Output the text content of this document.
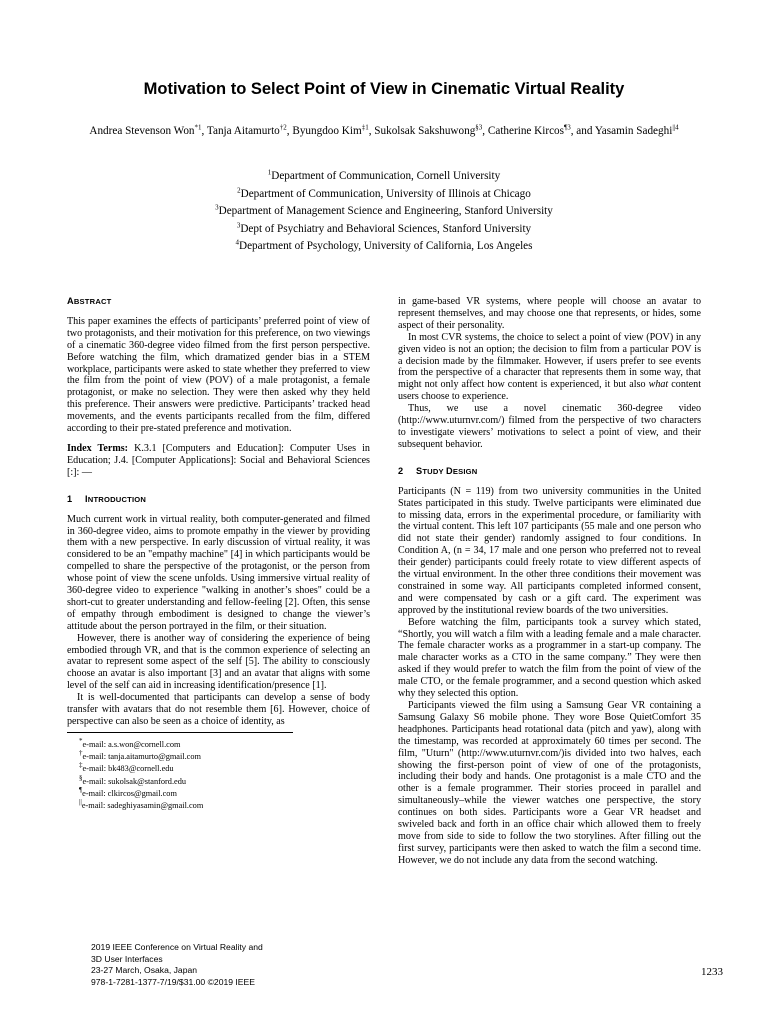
Motivation to Select Point of View in Cinematic Virtual Reality
Andrea Stevenson Won$^{*1}$, Tanja Aitamurto$^{\dagger 2}$, Byungdoo Kim$^{\ddagger 1}$, Sukolsak Sakshuwong$^{\S 3}$, Catherine Kircos$^{\P 3}$, and Yasamin Sadeghi$^{||4}$
$^1$Department of Communication, Cornell University
$^2$Department of Communication, University of Illinois at Chicago
$^3$Department of Management Science and Engineering, Stanford University
$^3$Dept of Psychiatry and Behavioral Sciences, Stanford University
$^4$Department of Psychology, University of California, Los Angeles
ABSTRACT

This paper examines the effects of participants’ preferred point of view of two protagonists, and their motivation for this preference, on two viewings of a cinematic 360-degree video filmed from the first person perspective. Before watching the film, which dramatized gender bias in a STEM workplace, participants were asked to state whether they preferred to view the film from the point of view (POV) of a male protagonist, a female protagonist, or make no selection. They were then asked why they held this preference. Their answers were predictive. Participants’ tracked head movements, and the events participants recalled from the film, differed according to their pre-stated preference and motivation.

Index Terms: K.3.1 [Computers and Education]: Computer Uses in Education; J.4. [Computer Applications]: Social and Behavioral Sciences [:]: —

1 INTRODUCTION

Much current work in virtual reality, both computer-generated and filmed in 360-degree video, aims to promote empathy in the viewer by providing them with a new perspective. In early discussion of virtual reality, it was considered to be an "empathy machine" [4] in which participants would be compelled to share the perspective of the protagonist, or the person from whose point of view the scene unfolds. Using immersive virtual reality of 360-degree video to experience "walking in another’s shoes" could be a short-cut to greater understanding and fellow-feeling [2]. Often, this sense of empathy through embodiment is designed to change the viewer’s attitude about the person portrayed in the film, or their situation.

However, there is another way of considering the experience of being embodied through VR, and that is the common experience of selecting an avatar to represent some aspect of the self [5]. The ability to consciously choose an avatar is also important [3] and an avatar that aligns with some level of the self can aid in increasing identification/presence [1].

It is well-documented that participants can develop a sense of body transfer with avatars that do not resemble them [6]. However, choice of perspective can also be seen as a choice of identity, as

*e-mail: a.s.won@cornell.com
†e-mail: tanja.aitamurto@gmail.com
‡e-mail: bk483@cornell.edu
§e-mail: sukolsak@stanford.edu
¶e-mail: clkircos@gmail.com
||e-mail: sadeghiyasamin@gmail.com

in game-based VR systems, where people will choose an avatar to represent themselves, and may choose one that represents, or hides, some aspect of their personality.

In most CVR systems, the choice to select a point of view (POV) in any given video is not an option; the decision to film from a particular POV is a decision made by the filmmaker. However, if users prefer to see events from the perspective of a character that represents them in some way, that might not only affect how content is experienced, it but also what content users choose to experience.

Thus, we use a novel cinematic 360-degree video (http://www.uturnvr.com/) filmed from the perspective of two characters to investigate viewers’ motivations to select a point of view, and their subsequent behavior.

2 STUDY DESIGN

Participants (N = 119) from two university communities in the United States participated in this study. Twelve participants were eliminated due to missing data, errors in the experimental procedure, or familiarity with the virtual content. This left 107 participants (55 male and one person who did not state their gender) randomly assigned to four conditions. In Condition A, (n = 34, 17 male and one person who preferred not to reveal their gender) participants could freely rotate to view different aspects of the virtual environment. In the other three conditions their movement was constrained in some way. All participants completed informed consent, and were compensated by cash or a gift card. The experiment was approved by the institutional review boards of the two universities.

Before watching the film, participants took a survey which stated, “Shortly, you will watch a film with a leading female and a male character. The female character works as a programmer in a start-up company. The male character works as a CTO in the same company.” They were then asked if they would prefer to watch the film from the point of view of the male CTO, or the female programmer, and a second question which asked why they selected this option.

Participants viewed the film using a Samsung Gear VR containing a Samsung Galaxy S6 mobile phone. They wore Bose QuietComfort 35 headphones. Participants head rotational data (pitch and yaw), along with the timestamp, was recorded at approximately 60 times per second. The film, "Uturn" (http://www.uturnvr.com/)is divided into two halves, each showing the first-person point of view of one of the protagonists, including their body and hands. One protagonist is a male CTO and the other is a female programmer. Their stories proceed in parallel and simultaneously–while the viewer watches one perspective, the story continues on both sides. Participants wore a Gear VR headset and swiveled back and forth in an office chair which allowed them to freely move from side to side to follow the two storylines. After filling out the first survey, participants were then asked to watch the film a second time. However, we do not include any data from the second watching.

2019 IEEE Conference on Virtual Reality and
3D User Interfaces
23-27 March, Osaka, Japan
978-1-7281-1377-7/19/$31.00 ©2019 IEEE
1233
